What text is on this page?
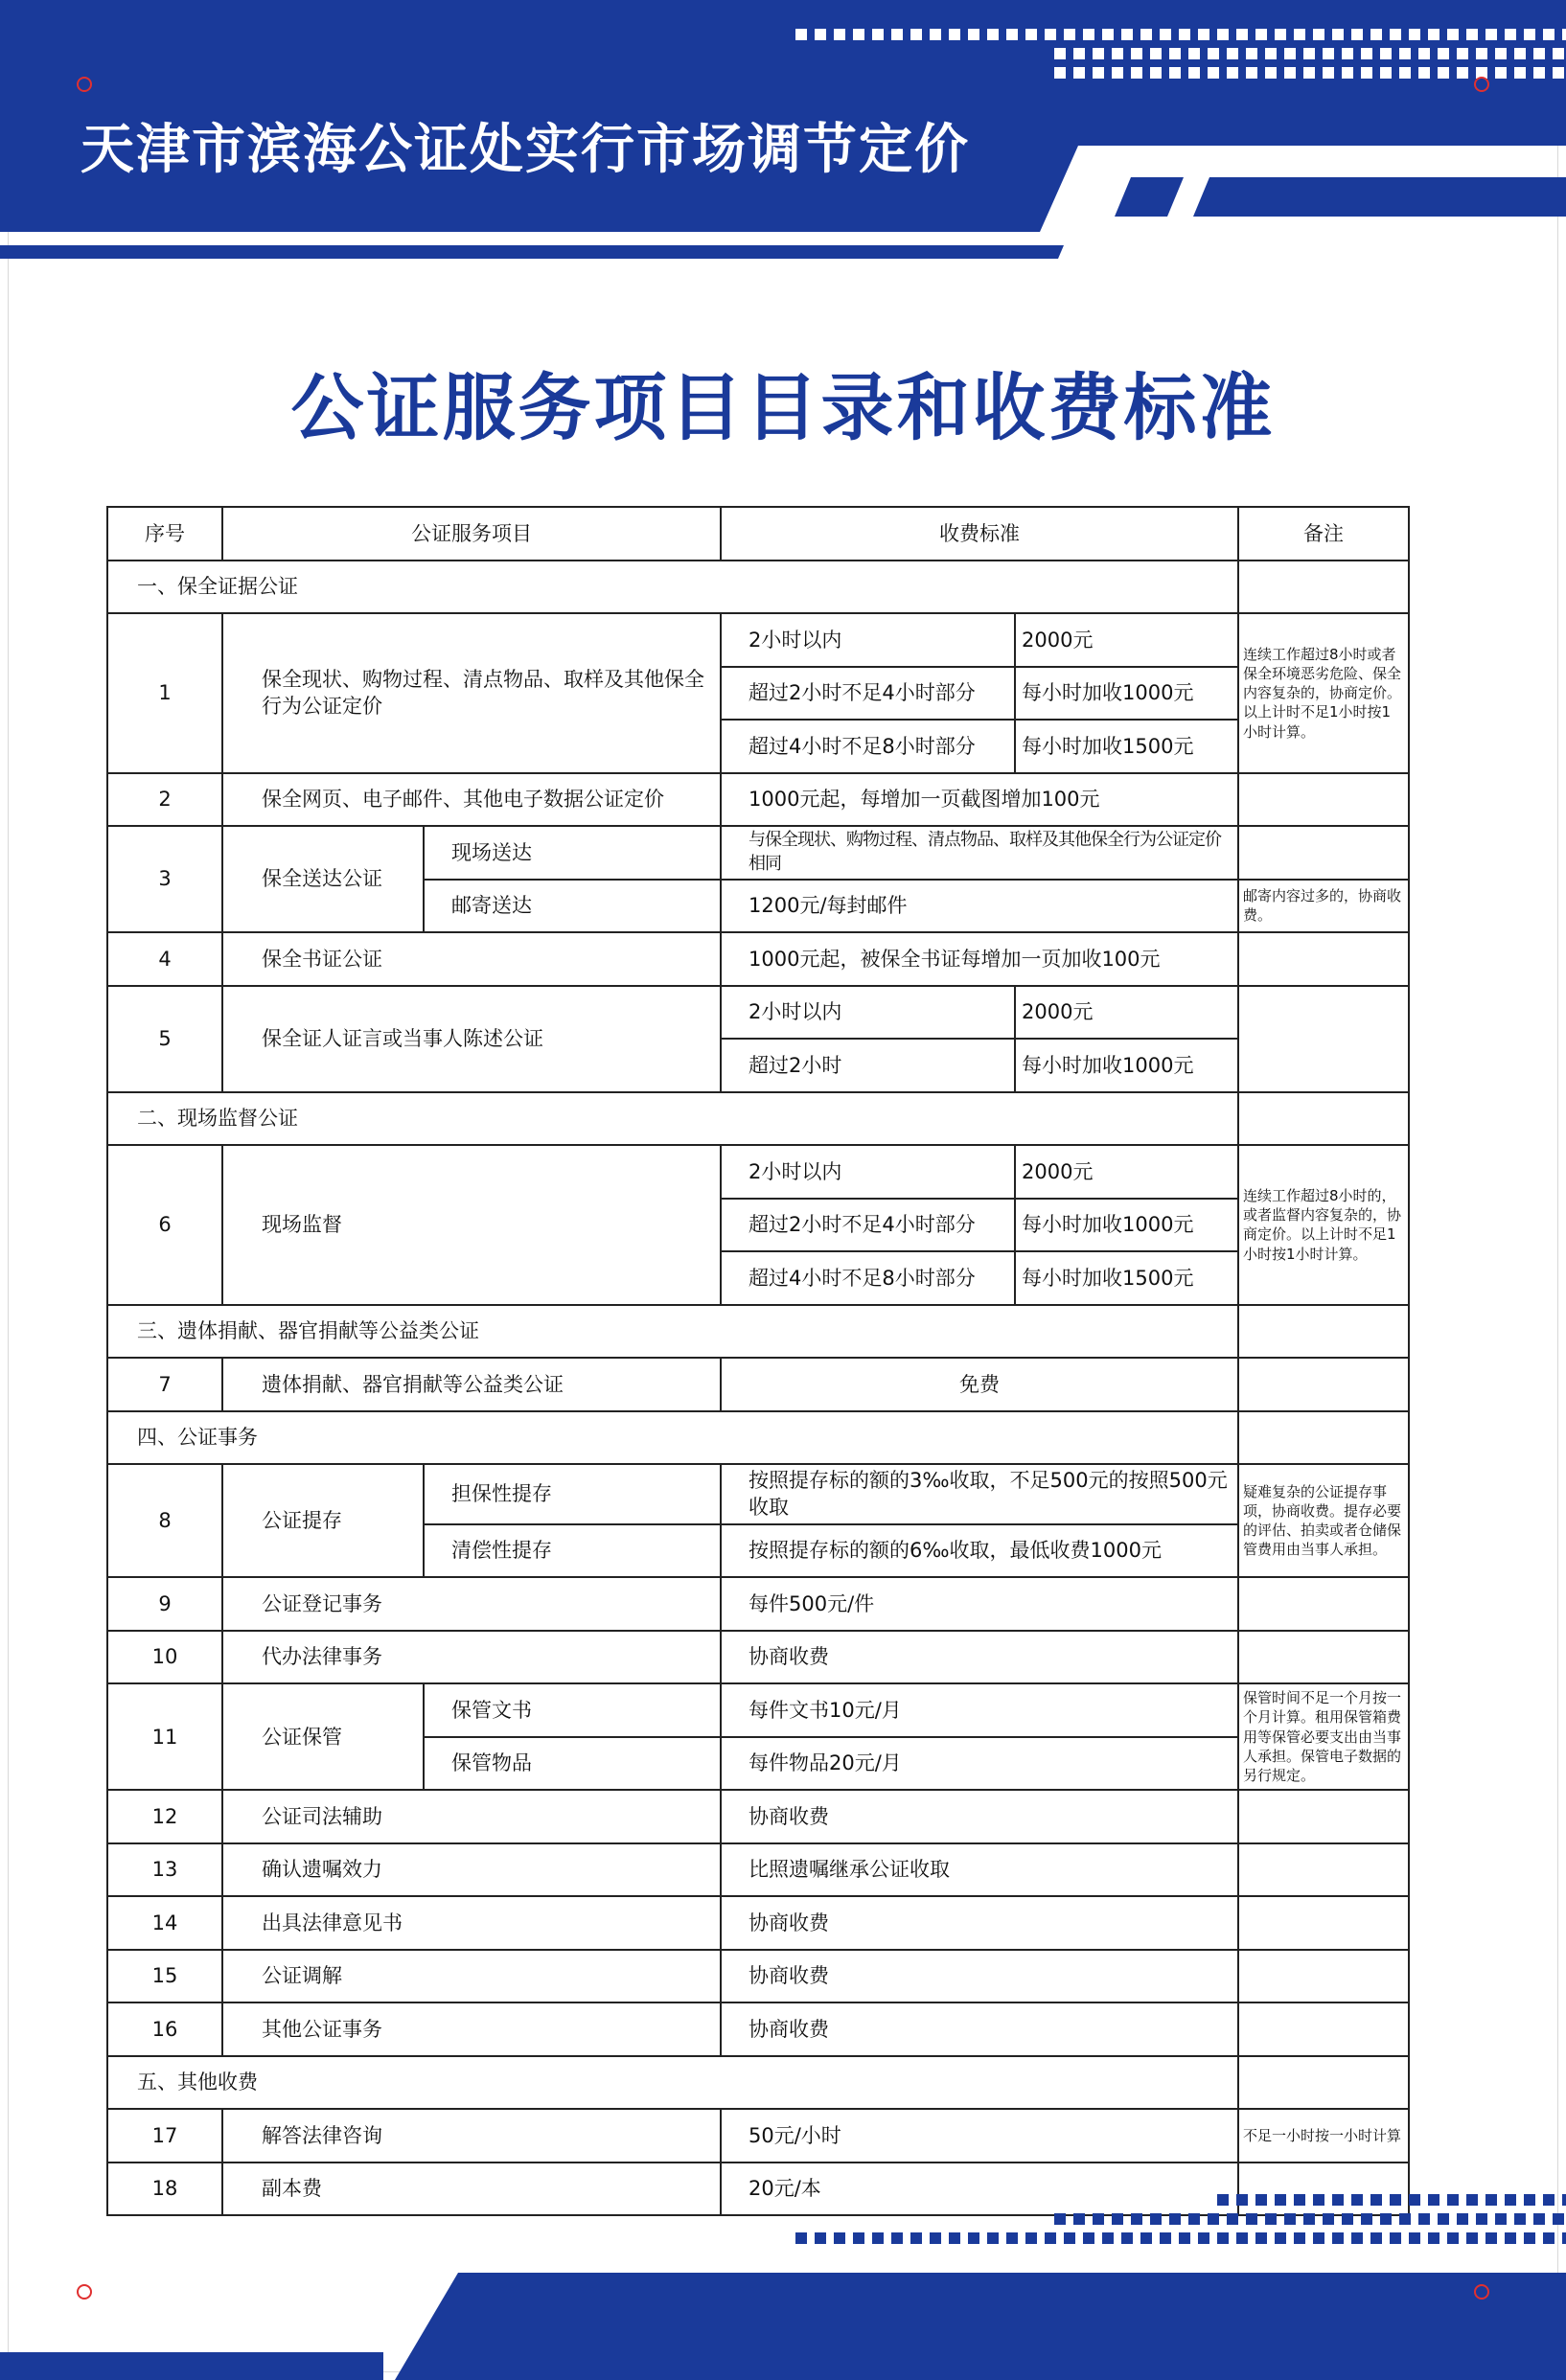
天津市滨海公证处实行市场调节定价
公证服务项目目录和收费标准
序号	公证服务项目		收费标准		备注
一、保全证据公证					
1	保全现状、购物过程、清点物品、取样及其他保全行为公证定价		2小时以内	2000元	连续工作超过8小时或者保全环境恶劣危险、保全内容复杂的，协商定价。以上计时不足1小时按1小时计算。
			超过2小时不足4小时部分	每小时加收1000元	
			超过4小时不足8小时部分	每小时加收1500元	
2	保全网页、电子邮件、其他电子数据公证定价		1000元起，每增加一页截图增加100元		
3	保全送达公证	现场送达	与保全现状、购物过程、清点物品、取样及其他保全行为公证定价相同		
		邮寄送达	1200元/每封邮件		邮寄内容过多的，协商收费。
4	保全书证公证		1000元起，被保全书证每增加一页加收100元		
5	保全证人证言或当事人陈述公证		2小时以内	2000元	
			超过2小时	每小时加收1000元	
二、现场监督公证					
6	现场监督		2小时以内	2000元	连续工作超过8小时的，或者监督内容复杂的，协商定价。以上计时不足1小时按1小时计算。
			超过2小时不足4小时部分	每小时加收1000元	
			超过4小时不足8小时部分	每小时加收1500元	
三、遗体捐献、器官捐献等公益类公证					
7	遗体捐献、器官捐献等公益类公证		免费		
四、公证事务					
8	公证提存	担保性提存	按照提存标的额的3‰收取，不足500元的按照500元收取		疑难复杂的公证提存事项，协商收费。提存必要的评估、拍卖或者仓储保管费用由当事人承担。
		清偿性提存	按照提存标的额的6‰收取，最低收费1000元		
9	公证登记事务		每件500元/件		
10	代办法律事务		协商收费		
11	公证保管	保管文书	每件文书10元/月		保管时间不足一个月按一个月计算。租用保管箱费用等保管必要支出由当事人承担。保管电子数据的另行规定。
		保管物品	每件物品20元/月		
12	公证司法辅助		协商收费		
13	确认遗嘱效力		比照遗嘱继承公证收取		
14	出具法律意见书		协商收费		
15	公证调解		协商收费		
16	其他公证事务		协商收费		
五、其他收费					
17	解答法律咨询		50元/小时		不足一小时按一小时计算
18	副本费		20元/本		
